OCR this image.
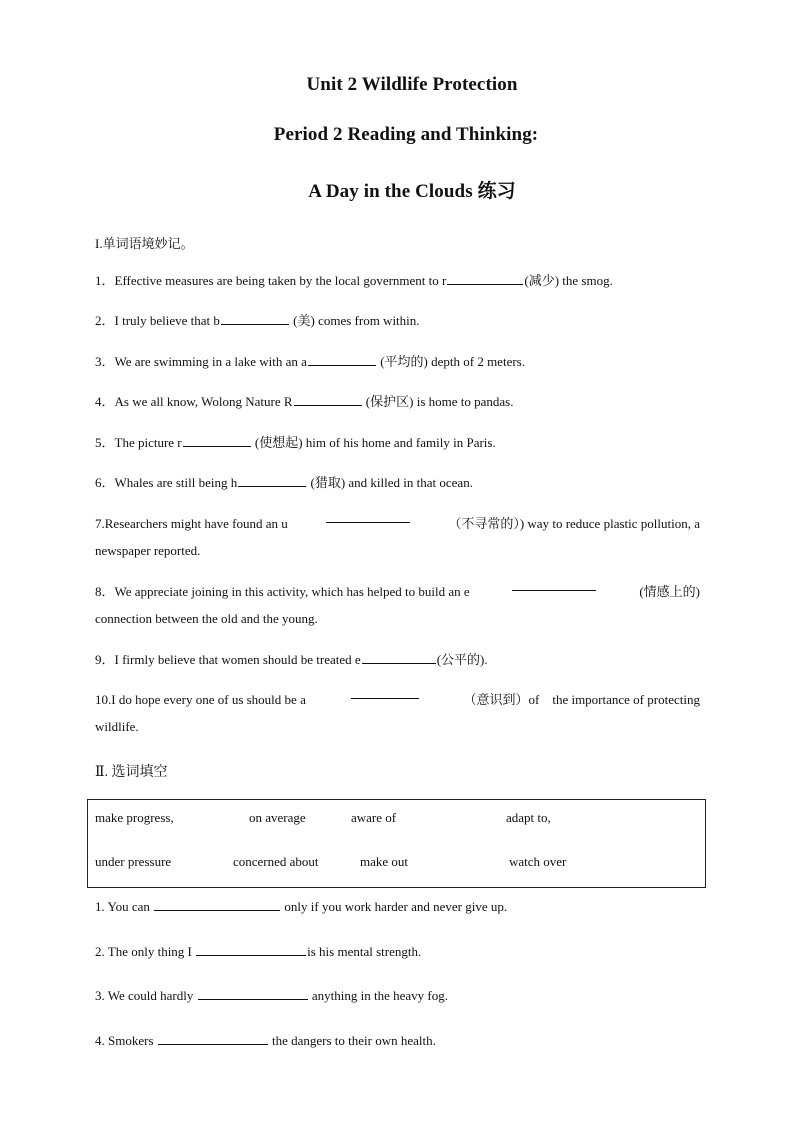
Unit 2 Wildlife Protection
Period 2 Reading and Thinking:
A Day in the Clouds 练习
I.单词语境妙记。
1．Effective measures are being taken by the local government to r	(减少) the smog.
2．I truly believe that b	(美) comes from within.
3．We are swimming in a lake with an a	(平均的) depth of 2 meters.
4．As we all know, Wolong Nature R	(保护区) is home to pandas.
5．The picture r	(使想起) him of his home and family in Paris.
6．Whales are still being h	(猎取) and killed in that ocean.
7.Researchers might have found an u	（不寻常的）) way to reduce plastic pollution, a
newspaper reported.
8．We appreciate joining in this activity, which has helped to build an e	(情感上的)
connection between the old and the young.
9．I firmly believe that women should be treated e	(公平的).
10.I do hope every one of us should be a	（意识到）of　the importance of protecting
wildlife.
Ⅱ. 选词填空
make progress,	on average	aware of	adapt to,
under pressure	concerned about	make out	watch over
1. You can	only if you work harder and never give up.
2. The only thing I	is his mental strength.
3. We could hardly	anything in the heavy fog.
4. Smokers	the dangers to their own health.
